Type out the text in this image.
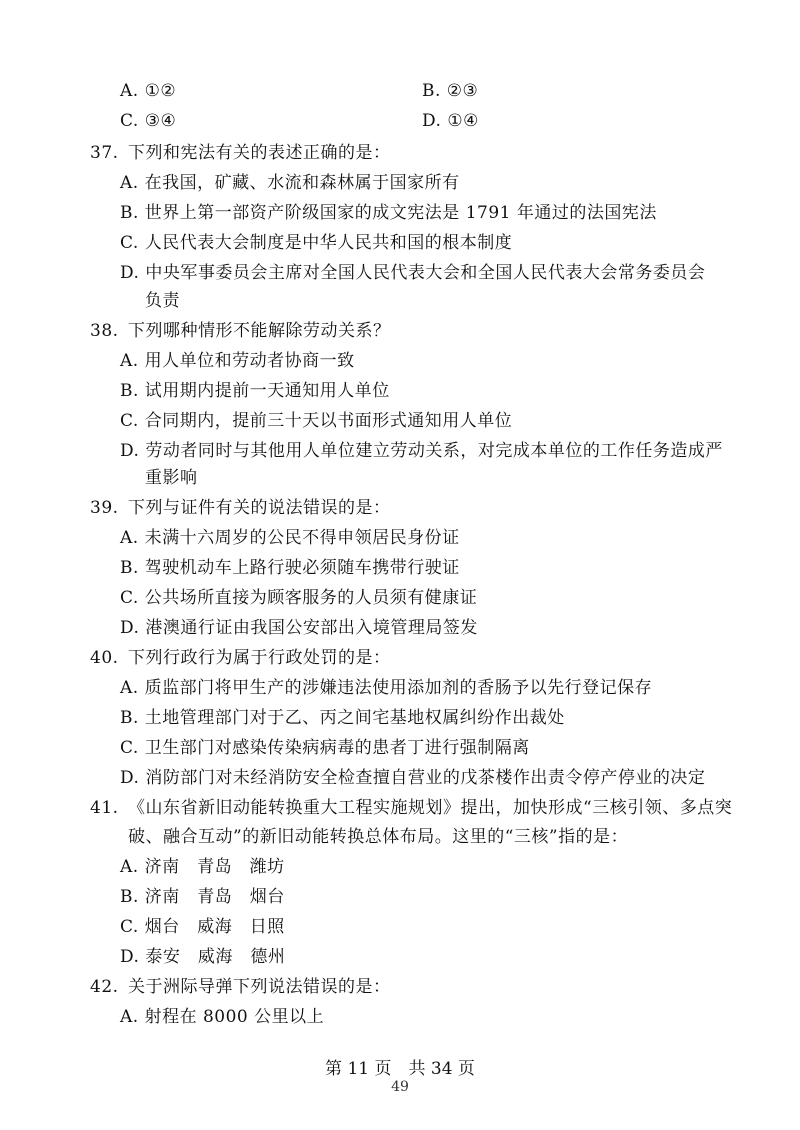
A. ①②	B. ②③
C. ③④	D. ①④
37. 下列和宪法有关的表述正确的是：
A. 在我国，矿藏、水流和森林属于国家所有
B. 世界上第一部资产阶级国家的成文宪法是 1791 年通过的法国宪法
C. 人民代表大会制度是中华人民共和国的根本制度
D. 中央军事委员会主席对全国人民代表大会和全国人民代表大会常务委员会
负责
38. 下列哪种情形不能解除劳动关系？
A. 用人单位和劳动者协商一致
B. 试用期内提前一天通知用人单位
C. 合同期内，提前三十天以书面形式通知用人单位
D. 劳动者同时与其他用人单位建立劳动关系，对完成本单位的工作任务造成严
重影响
39. 下列与证件有关的说法错误的是：
A. 未满十六周岁的公民不得申领居民身份证
B. 驾驶机动车上路行驶必须随车携带行驶证
C. 公共场所直接为顾客服务的人员须有健康证
D. 港澳通行证由我国公安部出入境管理局签发
40. 下列行政行为属于行政处罚的是：
A. 质监部门将甲生产的涉嫌违法使用添加剂的香肠予以先行登记保存
B. 土地管理部门对于乙、丙之间宅基地权属纠纷作出裁处
C. 卫生部门对感染传染病病毒的患者丁进行强制隔离
D. 消防部门对未经消防安全检查擅自营业的戊茶楼作出责令停产停业的决定
41. 《山东省新旧动能转换重大工程实施规划》提出，加快形成“三核引领、多点突
破、融合互动”的新旧动能转换总体布局。这里的“三核”指的是：
A. 济南　青岛　潍坊
B. 济南　青岛　烟台
C. 烟台　威海　日照
D. 泰安　威海　德州
42. 关于洲际导弹下列说法错误的是：
A. 射程在 8000 公里以上
第 11 页　共 34 页
49
